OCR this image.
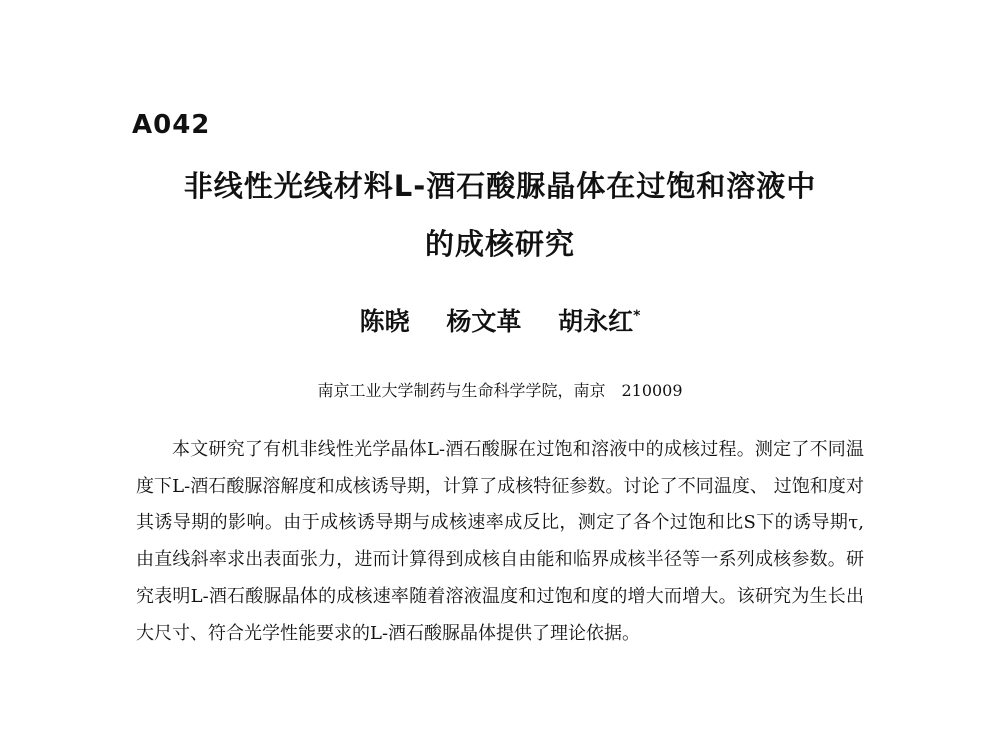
A042
非线性光线材料L-酒石酸脲晶体在过饱和溶液中
的成核研究
陈晓 杨文革 胡永红*
南京工业大学制药与生命科学学院，南京　210009

本文研究了有机非线性光学晶体L-酒石酸脲在过饱和溶液中的成核过程。测定了不同温度下L-酒石酸脲溶解度和成核诱导期，计算了成核特征参数。讨论了不同温度、 过饱和度对其诱导期的影响。由于成核诱导期与成核速率成反比，测定了各个过饱和比S下的诱导期τ,由直线斜率求出表面张力，进而计算得到成核自由能和临界成核半径等一系列成核参数。研究表明L-酒石酸脲晶体的成核速率随着溶液温度和过饱和度的增大而增大。该研究为生长出大尺寸、符合光学性能要求的L-酒石酸脲晶体提供了理论依据。
